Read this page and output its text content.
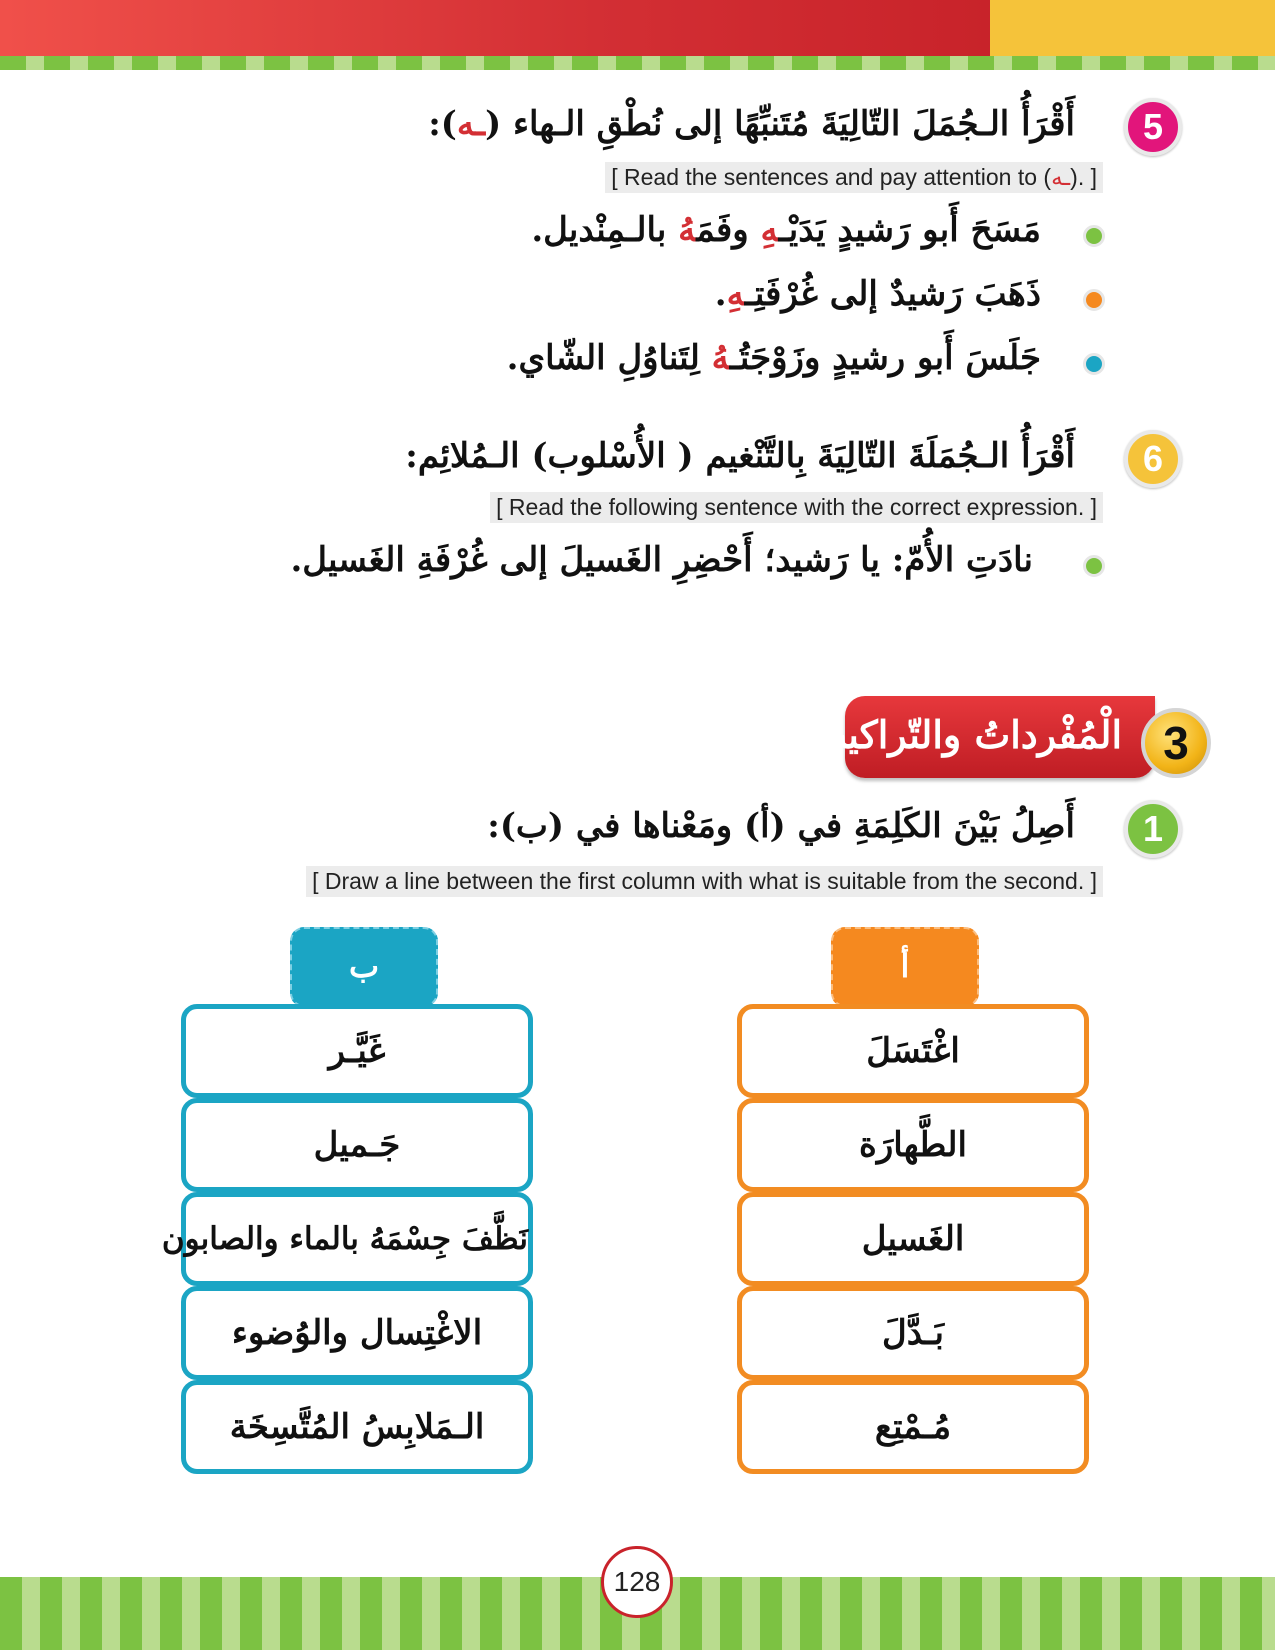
5
أَقْرَأُ الـجُمَلَ التّالِيَةَ مُتَنبِّهًا إلى نُطْقِ الـهاء (ـه):
[ Read the sentences and pay attention to (ـه). ]
مَسَحَ أَبو رَشيدٍ يَدَيْـهِ وفَمَهُ بالـمِنْديل.
ذَهَبَ رَشيدٌ إلى غُرْفَتِـهِ.
جَلَسَ أَبو رشيدٍ وزَوْجَتُـهُ لِتَناوُلِ الشّاي.
6
أَقْرَأُ الـجُمَلَةَ التّالِيَةَ بِالتَّنْغيم ( الأُسْلوب) الـمُلائِم:
[ Read the following sentence with the correct expression. ]
نادَتِ الأُمّ: يا رَشيد؛ أَحْضِرِ الغَسيلَ إلى غُرْفَةِ الغَسيل.
الْمُفْرداتُ والتّراكيب 3
1
أَصِلُ بَيْنَ الكَلِمَةِ في (أ) ومَعْناها في (ب):
[ Draw a line between the first column with what is suitable from the second. ]
ب	أ
غَيَّـر
جَـميل
نَظَّفَ جِسْمَهُ بالماء والصابون
الاغْتِسال والوُضوء
الـمَلابِسُ المُتَّسِخَة
اغْتَسَلَ
الطَّهارَة
الغَسيل
بَـدَّلَ
مُـمْتِع
128
